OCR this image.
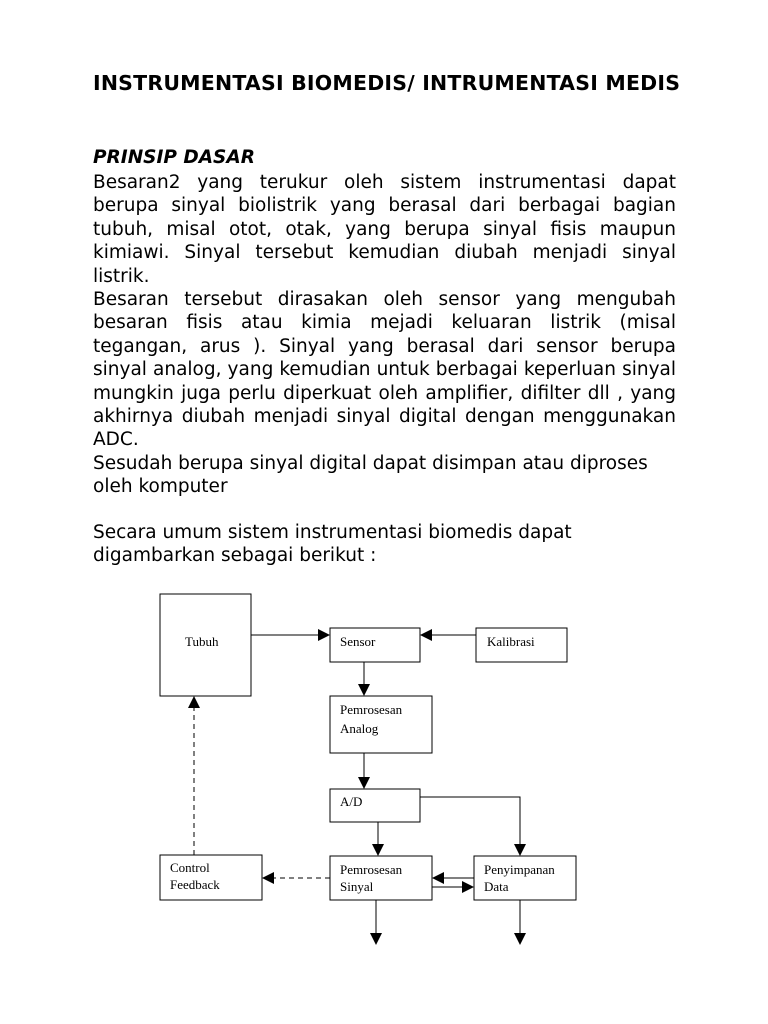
INSTRUMENTASI BIOMEDIS/ INTRUMENTASI MEDIS
PRINSIP DASAR
Besaran2 yang terukur oleh sistem instrumentasi dapat berupa sinyal biolistrik yang berasal dari berbagai bagian tubuh, misal otot, otak, yang berupa sinyal fisis maupun kimiawi. Sinyal tersebut kemudian diubah menjadi sinyal listrik.
Besaran tersebut dirasakan oleh sensor yang mengubah besaran fisis atau kimia mejadi keluaran listrik (misal tegangan, arus ). Sinyal yang berasal dari sensor berupa sinyal analog, yang kemudian untuk berbagai keperluan sinyal mungkin juga perlu diperkuat oleh amplifier, difilter dll , yang akhirnya diubah menjadi sinyal digital dengan menggunakan ADC.
Sesudah berupa sinyal digital dapat disimpan atau diproses oleh komputer
Secara umum sistem instrumentasi biomedis dapat digambarkan sebagai berikut :
Tubuh	Sensor	Kalibrasi
Pemrosesan
Analog
A/D
Control
Feedback
Pemrosesan
Sinyal
Penyimpanan
Data
